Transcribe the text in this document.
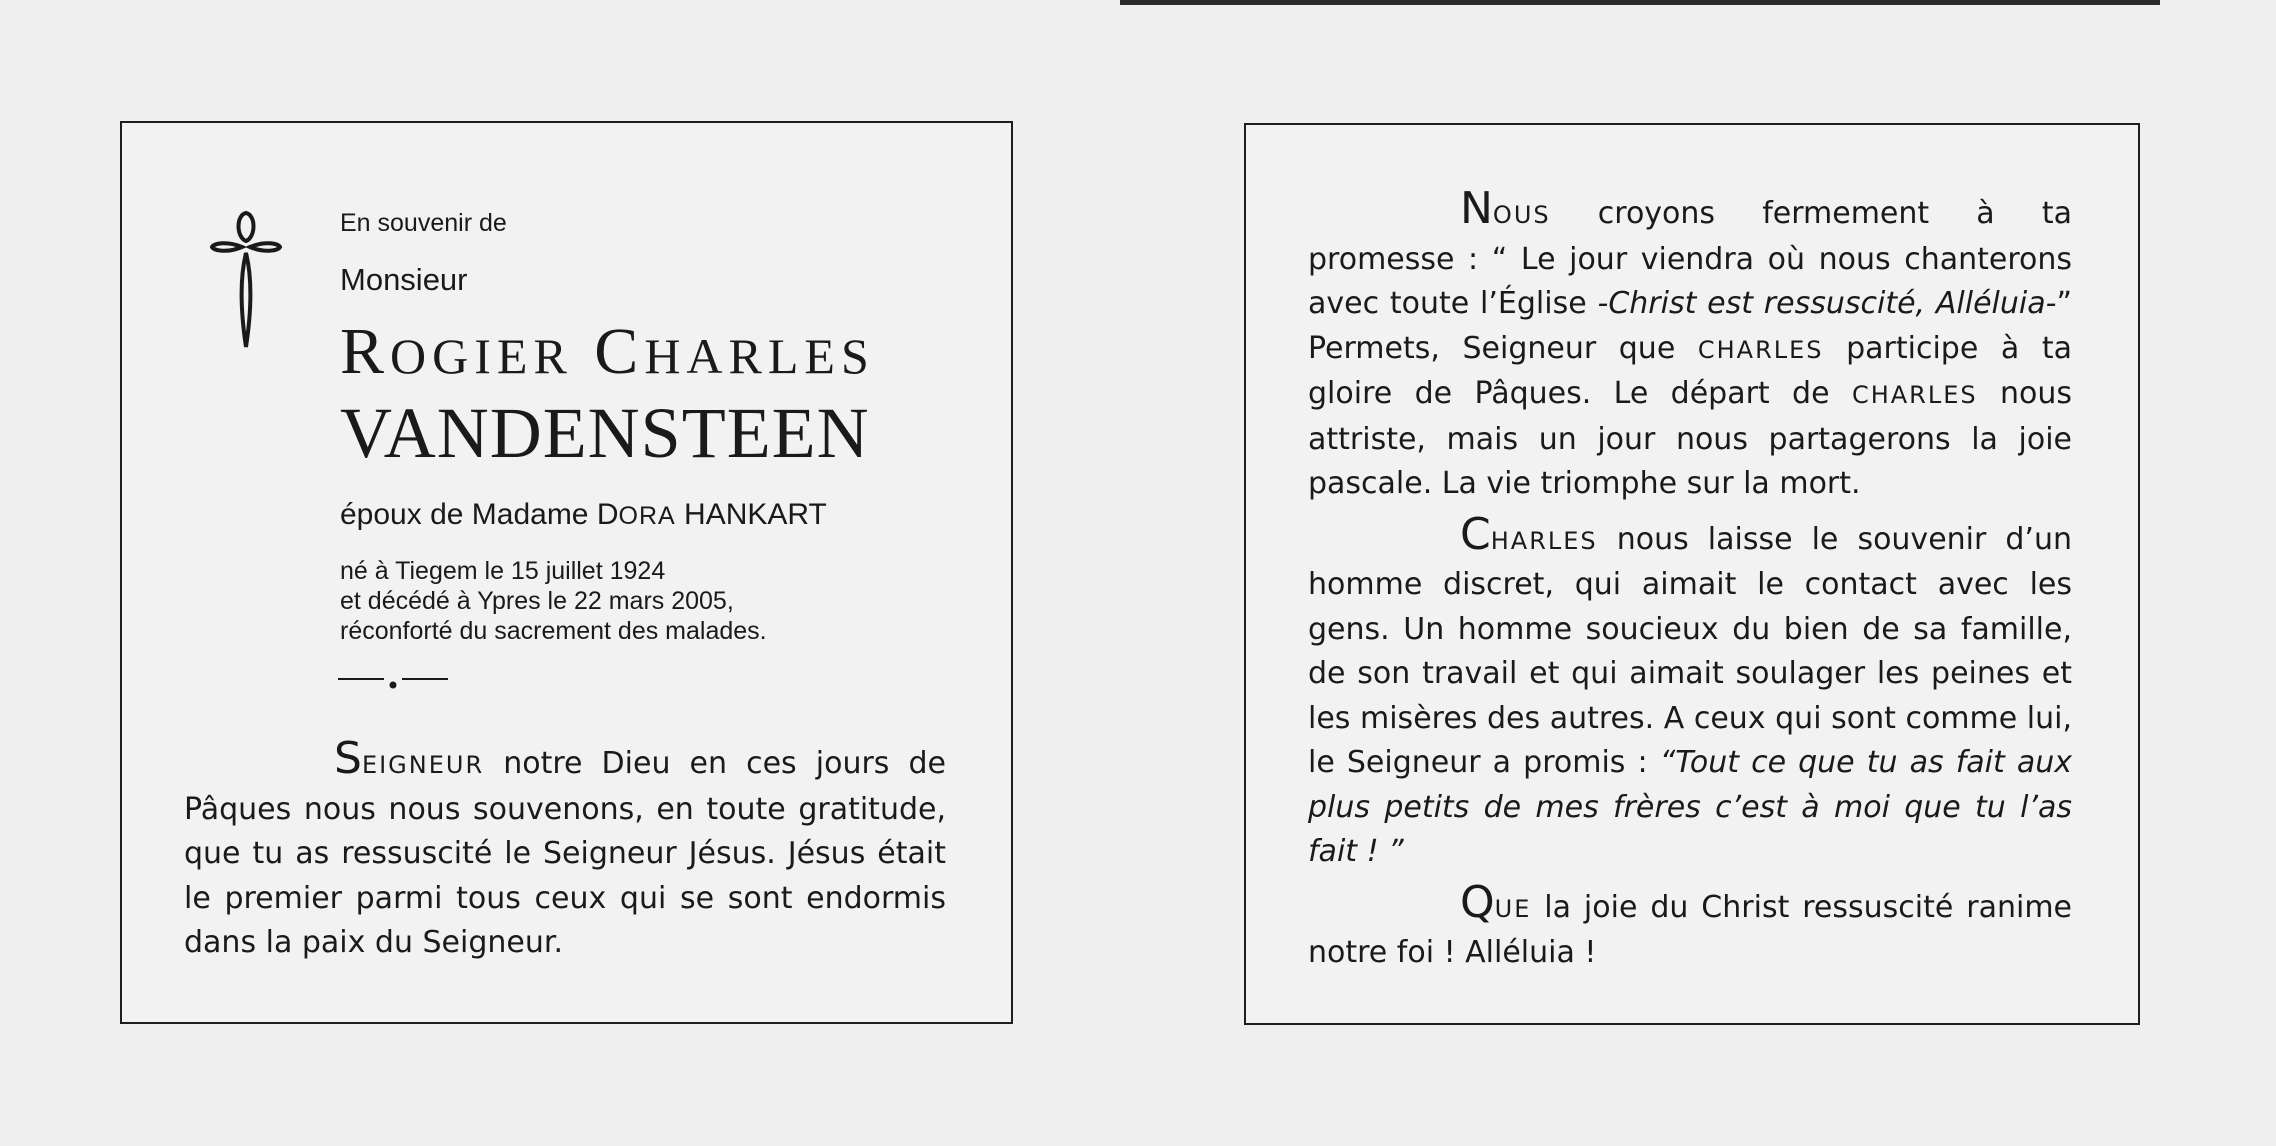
En souvenir de

Monsieur

ROGIER CHARLES

VANDENSTEEN

époux de Madame DORA HANKART

né à Tiegem le 15 juillet 1924
et décédé à Ypres le 22 mars 2005,
réconforté du sacrement des malades.
SEIGNEUR notre Dieu en ces jours de Pâques nous nous souvenons, en toute gratitude, que tu as ressuscité le Seigneur Jésus. Jésus était le premier parmi tous ceux qui se sont endormis dans la paix du Seigneur.

NOUS croyons fermement à ta promesse : “ Le jour viendra où nous chanterons avec toute l’Église -Christ est ressuscité, Alléluia-” Permets, Seigneur que CHARLES participe à ta gloire de Pâques. Le départ de CHARLES nous attriste, mais un jour nous partagerons la joie pascale. La vie triomphe sur la mort.

CHARLES nous laisse le souvenir d’un homme discret, qui aimait le contact avec les gens. Un homme soucieux du bien de sa famille, de son travail et qui aimait soulager les peines et les misères des autres. A ceux qui sont comme lui, le Seigneur a promis : “Tout ce que tu as fait aux plus petits de mes frères c’est à moi que tu l’as fait ! ”

QUE la joie du Christ ressuscité ranime notre foi ! Alléluia !
